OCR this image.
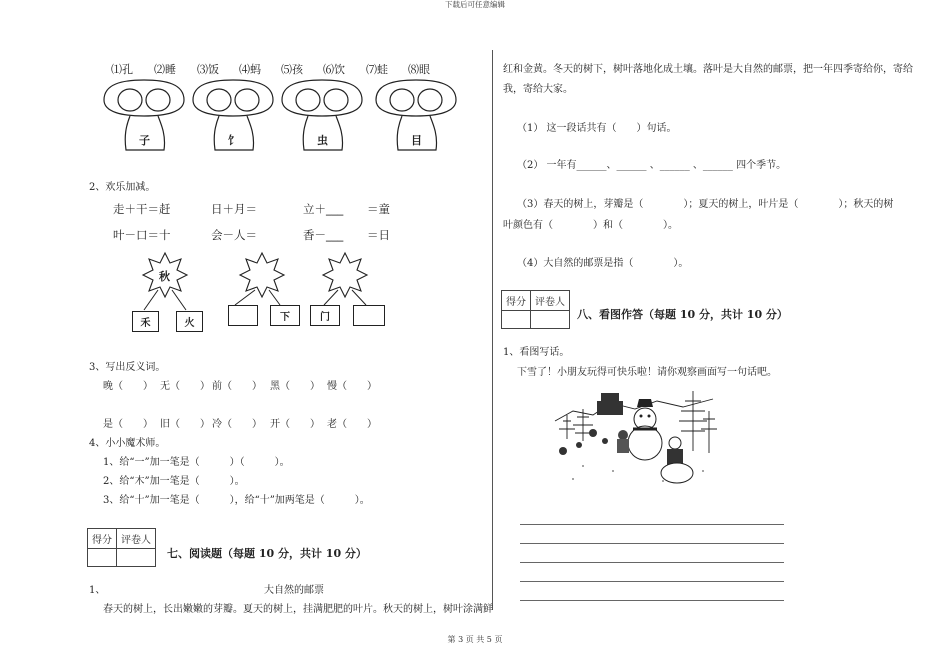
下载后可任意编辑
第 3 页 共 5 页
⑴孔 ⑵睡 ⑶饭 ⑷蚂 ⑸孩 ⑹饮 ⑺蛙 ⑻眼
子	饣	虫	目
2、欢乐加减。
走＋干＝赶	日＋月＝	立＋___ ＝童
叶－口＝十	会－人＝	香－___ ＝日
秋
禾	火
下	门
3、写出反义词。
晚（　　） 无（　　） 前（　　） 黑（　　） 慢（　　）
是（　　） 旧（　　） 冷（　　） 开（　　） 老（　　）
4、小小魔术师。
1、给“一”加一笔是（　　　）（　　　）。
2、给“木”加一笔是（　　　）。
3、给“十”加一笔是（　　　），给“十”加两笔是（　　　）。
得分	评卷人

七、阅读题（每题 10 分，共计 10 分）
1、	大自然的邮票
春天的树上，长出嫩嫩的芽瓣。夏天的树上，挂满肥肥的叶片。秋天的树上，树叶涂满鲜
红和金黄。冬天的树下，树叶落地化成土壤。落叶是大自然的邮票，把一年四季寄给你，寄给
我，寄给大家。
（1） 这一段话共有（　　）句话。
（2） 一年有______、______ 、______ 、______ 四个季节。
（3）春天的树上，芽瓣是（　　　　）；夏天的树上，叶片是（　　　　）；秋天的树
叶颜色有（　　　　）和（　　　　）。
（4）大自然的邮票是指（　　　　）。
得分	评卷人

八、看图作答（每题 10 分，共计 10 分）
1、看图写话。
下雪了！小朋友玩得可快乐啦！请你观察画面写一句话吧。
